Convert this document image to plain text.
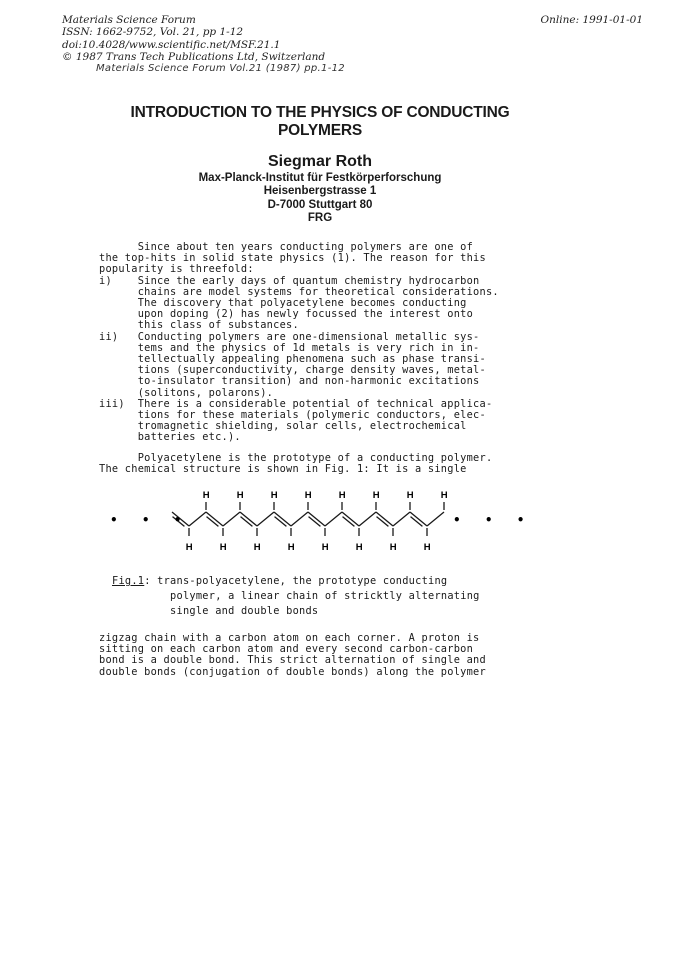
Materials Science Forum
ISSN: 1662-9752, Vol. 21, pp 1-12
doi:10.4028/www.scientific.net/MSF.21.1
© 1987 Trans Tech Publications Ltd, Switzerland
Online: 1991-01-01
Materials Science Forum Vol.21 (1987) pp.1-12
INTRODUCTION TO THE PHYSICS OF CONDUCTING
POLYMERS
Siegmar Roth
Max-Planck-Institut für Festkörperforschung
Heisenbergstrasse 1
D-7000 Stuttgart 80
FRG
Since about ten years conducting polymers are one of
the top-hits in solid state physics (1). The reason for this
popularity is threefold:
i)    Since the early days of quantum chemistry hydrocarbon
chains are model systems for theoretical considerations.
The discovery that polyacetylene becomes conducting
upon doping (2) has newly focussed the interest onto
this class of substances.
ii)   Conducting polymers are one-dimensional metallic sys-
tems and the physics of 1d metals is very rich in in-
tellectually appealing phenomena such as phase transi-
tions (superconductivity, charge density waves, metal-
to-insulator transition) and non-harmonic excitations
(solitons, polarons).
iii)  There is a considerable potential of technical applica-
tions for these materials (polymeric conductors, elec-
tromagnetic shielding, solar cells, electrochemical
batteries etc.).
Polyacetylene is the prototype of a conducting polymer.
The chemical structure is shown in Fig. 1: It is a single
H
H
H
H
H
H
H
H
H
H
H
H
H
H
H
H
• • •	• • •
Fig.1: trans-polyacetylene, the prototype conducting
polymer, a linear chain of stricktly alternating
single and double bonds
zigzag chain with a carbon atom on each corner. A proton is
sitting on each carbon atom and every second carbon-carbon
bond is a double bond. This strict alternation of single and
double bonds (conjugation of double bonds) along the polymer
